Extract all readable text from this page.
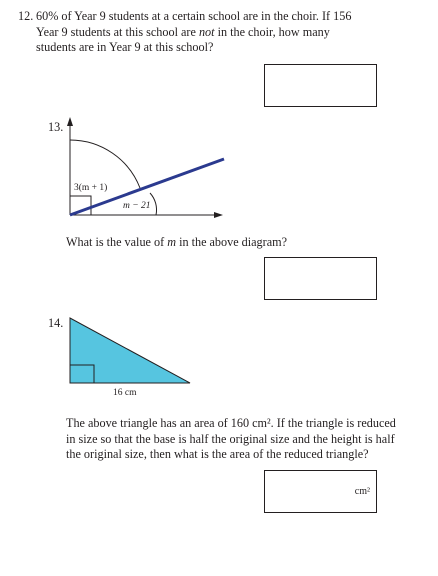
12. 60% of Year 9 students at a certain school are in the choir. If 156
Year 9 students at this school are not in the choir, how many
students are in Year 9 at this school?
13.
3(m + 1)
m − 21
What is the value of m in the above diagram?
14.
16 cm
The above triangle has an area of 160 cm². If the triangle is reduced
in size so that the base is half the original size and the height is half
the original size, then what is the area of the reduced triangle?
cm²
